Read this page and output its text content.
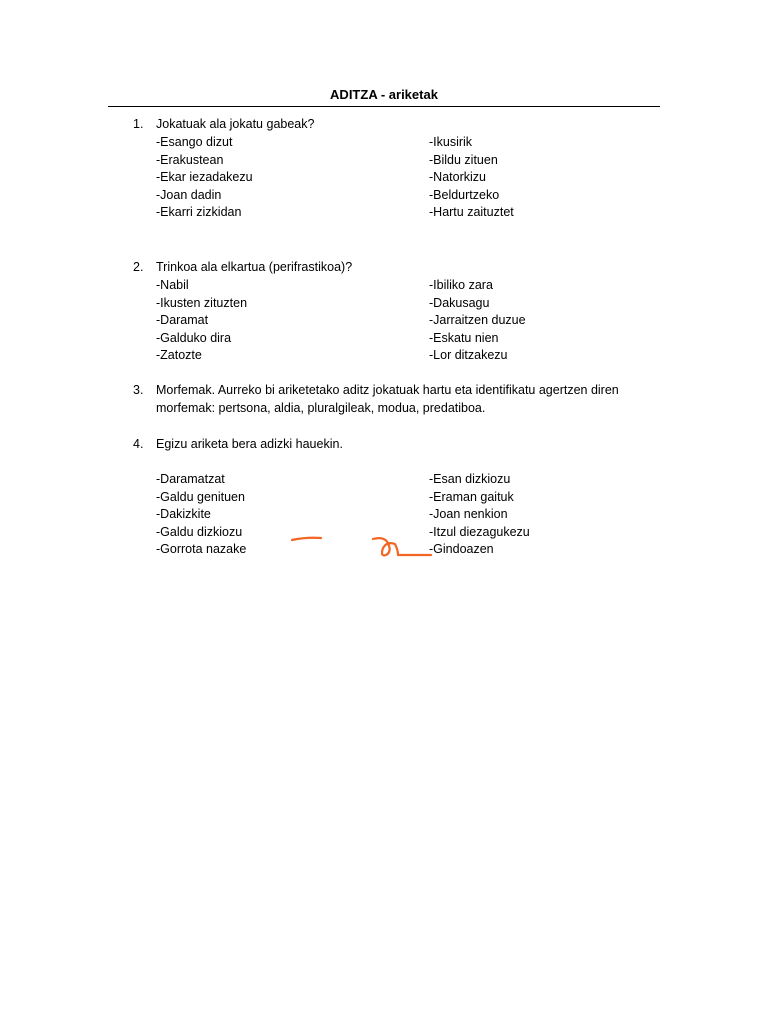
ADITZA - ariketak
1. Jokatuak ala jokatu gabeak?
-Esango dizut
-Erakustean
-Ekar iezadakezu
-Joan dadin
-Ekarri zizkidan
-Ikusirik
-Bildu zituen
-Natorkizu
-Beldurtzeko
-Hartu zaituztet
2. Trinkoa ala elkartua (perifrastikoa)?
-Nabil
-Ikusten zituzten
-Daramat
-Galduko dira
-Zatozte
-Ibiliko zara
-Dakusagu
-Jarraitzen duzue
-Eskatu nien
-Lor ditzakezu
3. Morfemak. Aurreko bi ariketetako aditz jokatuak hartu eta identifikatu agertzen diren morfemak: pertsona, aldia, pluralgileak, modua, predatiboa.
4. Egizu ariketa bera adizki hauekin.
-Daramatzat
-Galdu genituen
-Dakizkite
-Galdu dizkiozu
-Gorrota nazake
-Esan dizkiozu
-Eraman gaituk
-Joan nenkion
-Itzul diezagukezu
-Gindoazen
